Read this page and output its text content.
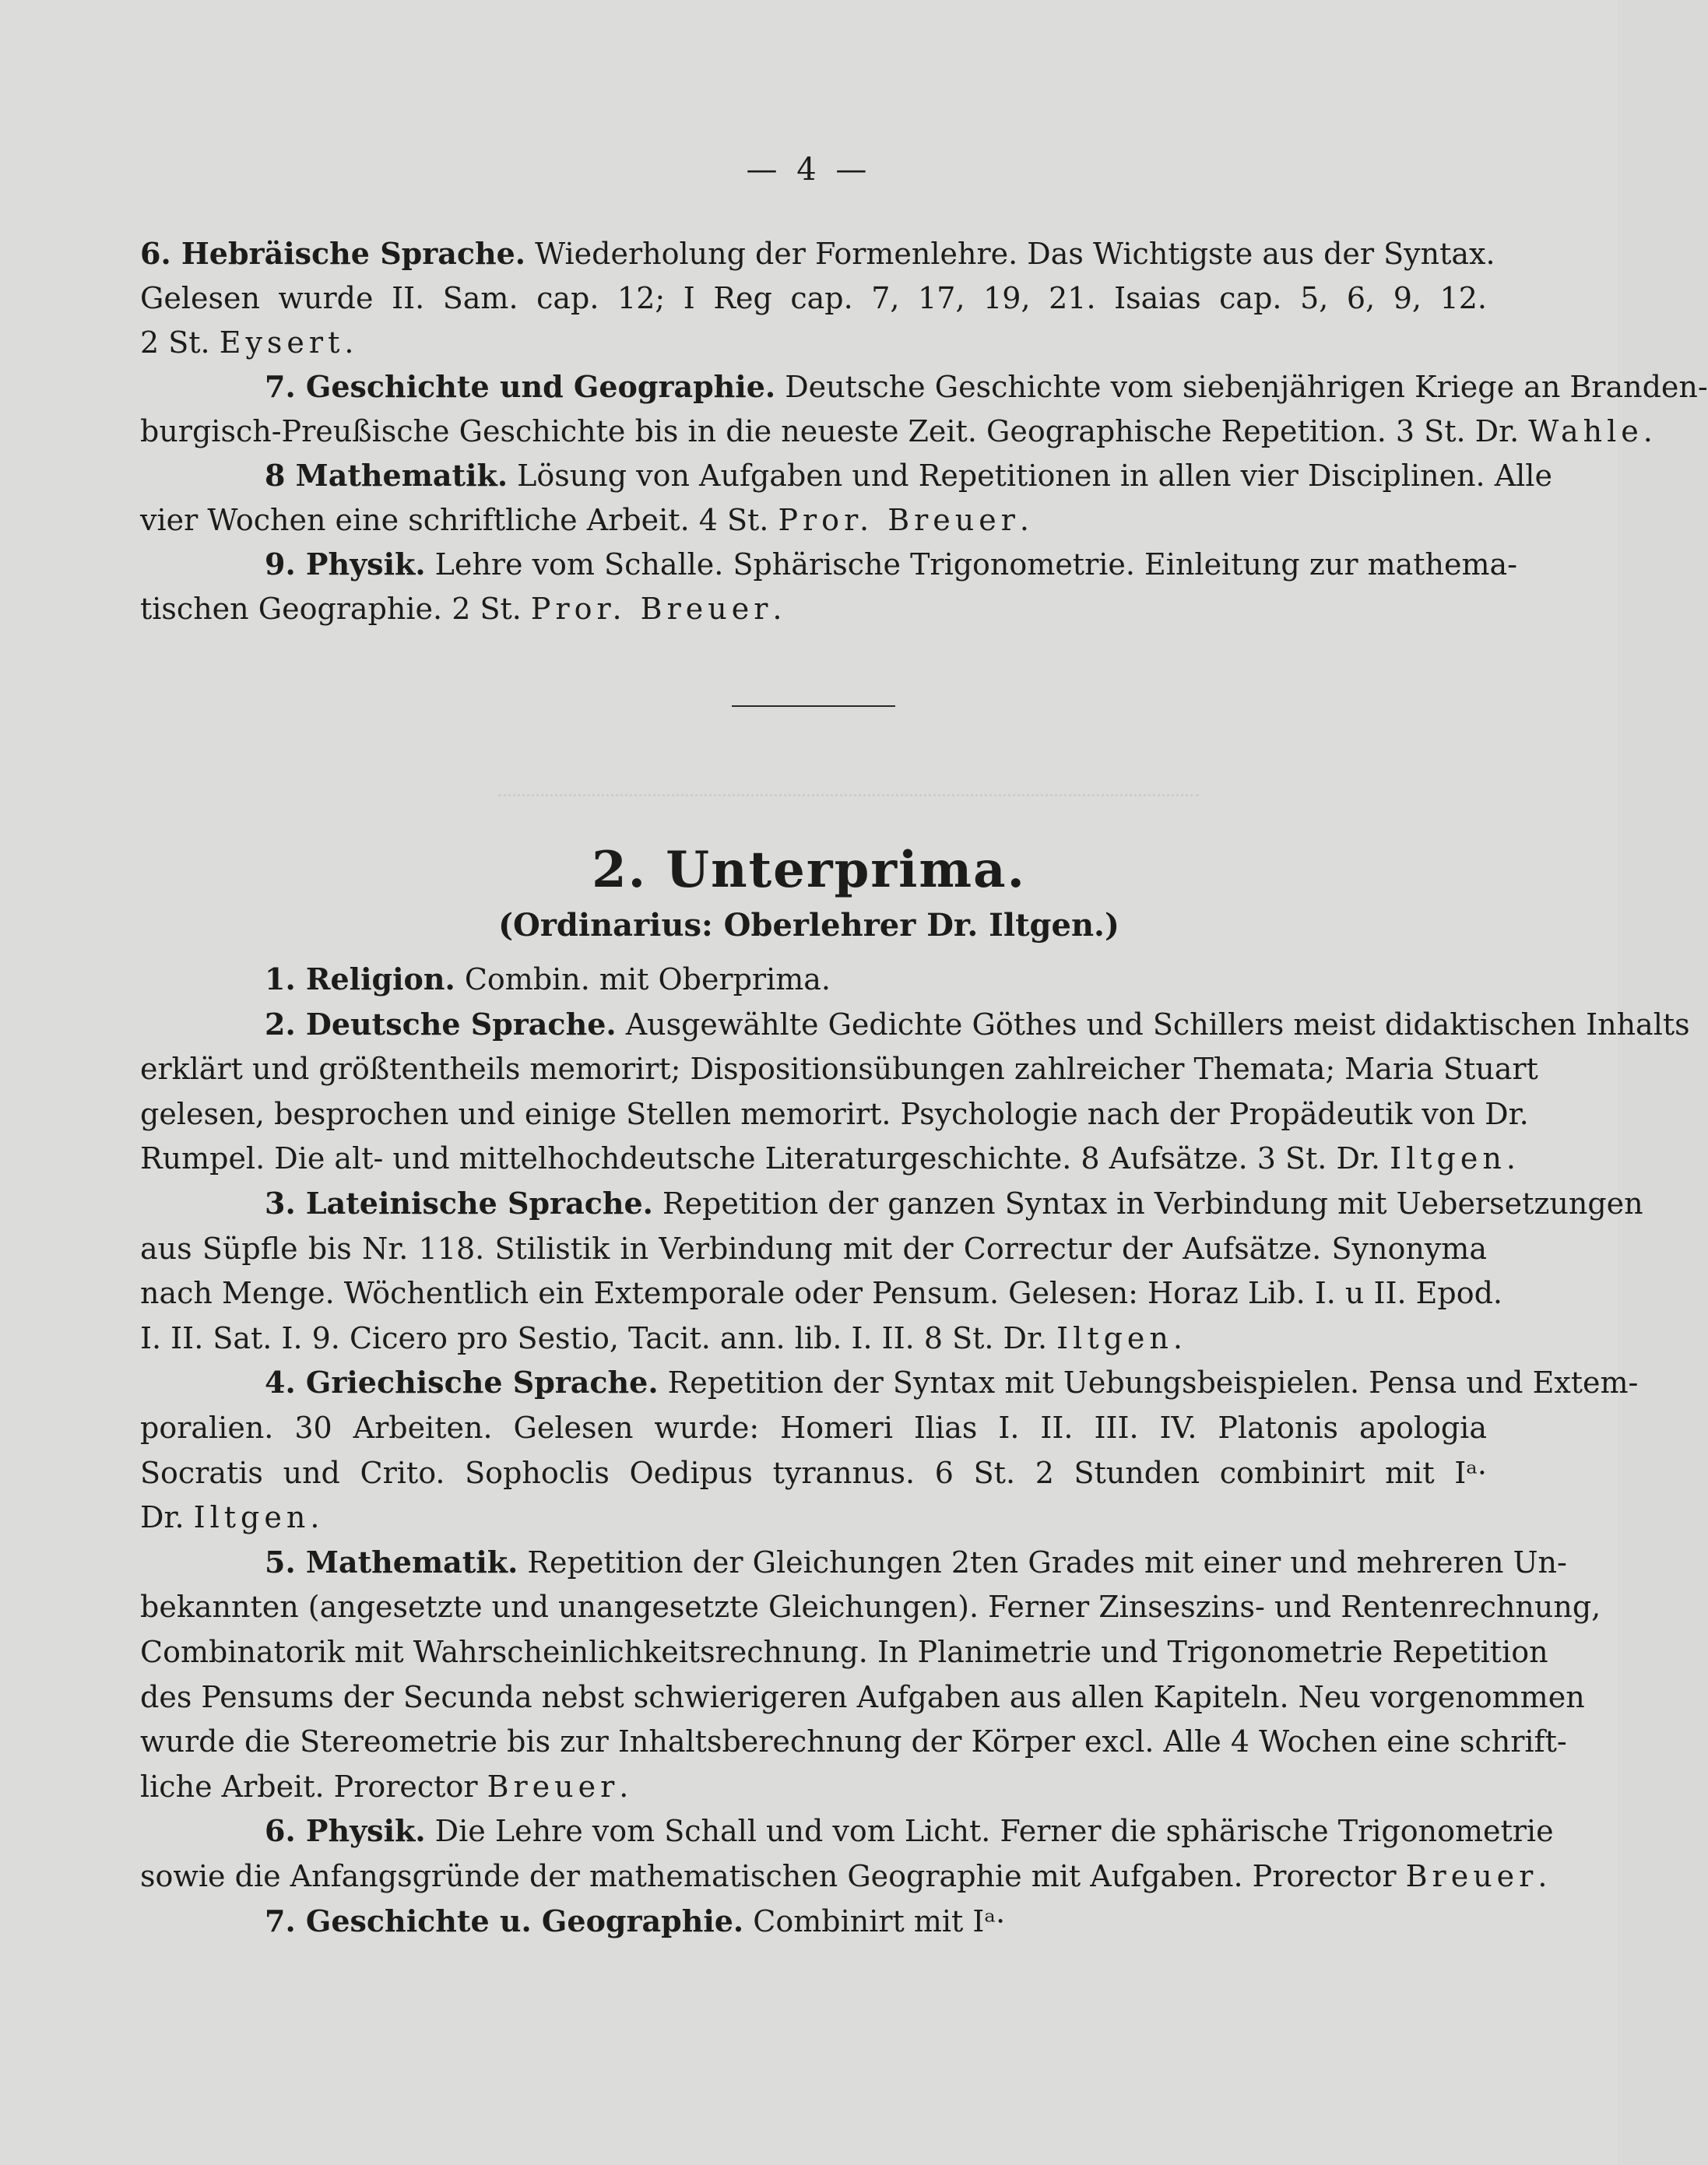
— 4 —
6. Hebräische Sprache. Wiederholung der Formenlehre. Das Wichtigste aus der Syntax.
Gelesen wurde II. Sam. cap. 12; I Reg cap. 7, 17, 19, 21. Isaias cap. 5, 6, 9, 12.
2 St. Eysert.
7. Geschichte und Geographie. Deutsche Geschichte vom siebenjährigen Kriege an Branden-
burgisch-Preußische Geschichte bis in die neueste Zeit. Geographische Repetition. 3 St. Dr. Wahle.
8 Mathematik. Lösung von Aufgaben und Repetitionen in allen vier Disciplinen. Alle
vier Wochen eine schriftliche Arbeit. 4 St. Pror. Breuer.
9. Physik. Lehre vom Schalle. Sphärische Trigonometrie. Einleitung zur mathema-
tischen Geographie. 2 St. Pror. Breuer.
2. Unterprima.
(Ordinarius: Oberlehrer Dr. Iltgen.)
1. Religion. Combin. mit Oberprima.
2. Deutsche Sprache. Ausgewählte Gedichte Göthes und Schillers meist didaktischen Inhalts
erklärt und größtentheils memorirt; Dispositionsübungen zahlreicher Themata; Maria Stuart
gelesen, besprochen und einige Stellen memorirt. Psychologie nach der Propädeutik von Dr.
Rumpel. Die alt- und mittelhochdeutsche Literaturgeschichte. 8 Aufsätze. 3 St. Dr. Iltgen.
3. Lateinische Sprache. Repetition der ganzen Syntax in Verbindung mit Uebersetzungen
aus Süpfle bis Nr. 118. Stilistik in Verbindung mit der Correctur der Aufsätze. Synonyma
nach Menge. Wöchentlich ein Extemporale oder Pensum. Gelesen: Horaz Lib. I. u II. Epod.
I. II. Sat. I. 9. Cicero pro Sestio, Tacit. ann. lib. I. II. 8 St. Dr. Iltgen.
4. Griechische Sprache. Repetition der Syntax mit Uebungsbeispielen. Pensa und Extem-
poralien. 30 Arbeiten. Gelesen wurde: Homeri Ilias I. II. III. IV. Platonis apologia
Socratis und Crito. Sophoclis Oedipus tyrannus. 6 St. 2 Stunden combinirt mit Iᵃ·
Dr. Iltgen.
5. Mathematik. Repetition der Gleichungen 2ten Grades mit einer und mehreren Un-
bekannten (angesetzte und unangesetzte Gleichungen). Ferner Zinseszins- und Rentenrechnung,
Combinatorik mit Wahrscheinlichkeitsrechnung. In Planimetrie und Trigonometrie Repetition
des Pensums der Secunda nebst schwierigeren Aufgaben aus allen Kapiteln. Neu vorgenommen
wurde die Stereometrie bis zur Inhaltsberechnung der Körper excl. Alle 4 Wochen eine schrift-
liche Arbeit. Prorector Breuer.
6. Physik. Die Lehre vom Schall und vom Licht. Ferner die sphärische Trigonometrie
sowie die Anfangsgründe der mathematischen Geographie mit Aufgaben. Prorector Breuer.
7. Geschichte u. Geographie. Combinirt mit Iᵃ·
